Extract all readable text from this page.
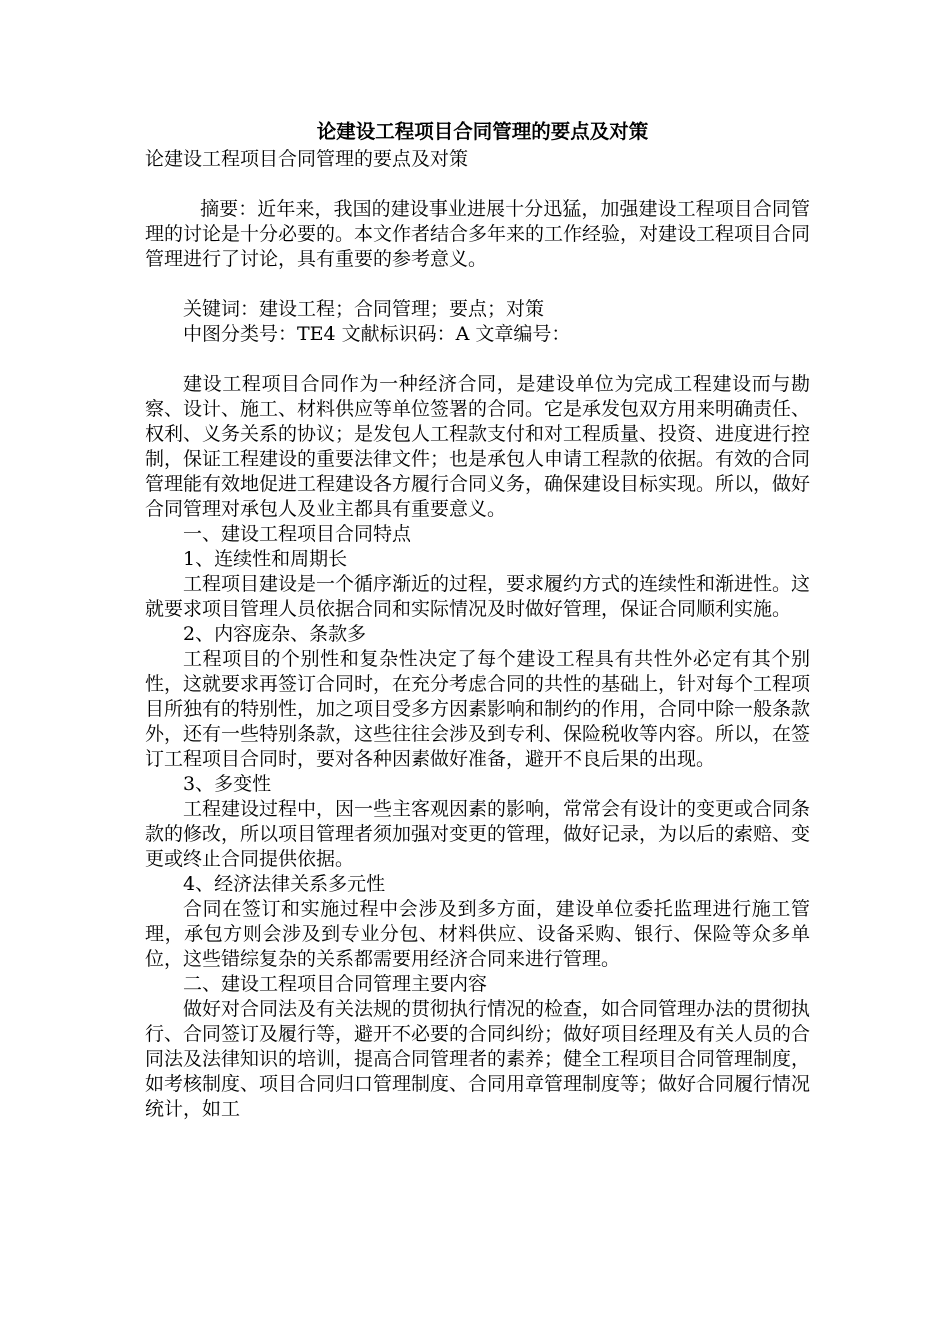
论建设工程项目合同管理的要点及对策

论建设工程项目合同管理的要点及对策

摘要：近年来，我国的建设事业进展十分迅猛，加强建设工程项目合同管理的讨论是十分必要的。本文作者结合多年来的工作经验，对建设工程项目合同管理进行了讨论，具有重要的参考意义。

关键词：建设工程；合同管理；要点；对策

中图分类号：TE4 文献标识码：A 文章编号：

建设工程项目合同作为一种经济合同，是建设单位为完成工程建设而与勘察、设计、施工、材料供应等单位签署的合同。它是承发包双方用来明确责任、权利、义务关系的协议；是发包人工程款支付和对工程质量、投资、进度进行控制，保证工程建设的重要法律文件；也是承包人申请工程款的依据。有效的合同管理能有效地促进工程建设各方履行合同义务，确保建设目标实现。所以，做好合同管理对承包人及业主都具有重要意义。

一、建设工程项目合同特点

1、连续性和周期长

工程项目建设是一个循序渐近的过程，要求履约方式的连续性和渐进性。这就要求项目管理人员依据合同和实际情况及时做好管理，保证合同顺利实施。

2、内容庞杂、条款多

工程项目的个别性和复杂性决定了每个建设工程具有共性外必定有其个别性，这就要求再签订合同时，在充分考虑合同的共性的基础上，针对每个工程项目所独有的特别性，加之项目受多方因素影响和制约的作用，合同中除一般条款外，还有一些特别条款，这些往往会涉及到专利、保险税收等内容。所以，在签订工程项目合同时，要对各种因素做好准备，避开不良后果的出现。

3、多变性

工程建设过程中，因一些主客观因素的影响，常常会有设计的变更或合同条款的修改，所以项目管理者须加强对变更的管理，做好记录，为以后的索赔、变更或终止合同提供依据。

4、经济法律关系多元性

合同在签订和实施过程中会涉及到多方面，建设单位委托监理进行施工管理，承包方则会涉及到专业分包、材料供应、设备采购、银行、保险等众多单位，这些错综复杂的关系都需要用经济合同来进行管理。

二、建设工程项目合同管理主要内容

做好对合同法及有关法规的贯彻执行情况的检查，如合同管理办法的贯彻执行、合同签订及履行等，避开不必要的合同纠纷；做好项目经理及有关人员的合同法及法律知识的培训，提高合同管理者的素养；健全工程项目合同管理制度，如考核制度、项目合同归口管理制度、合同用章管理制度等；做好合同履行情况统计，如工
